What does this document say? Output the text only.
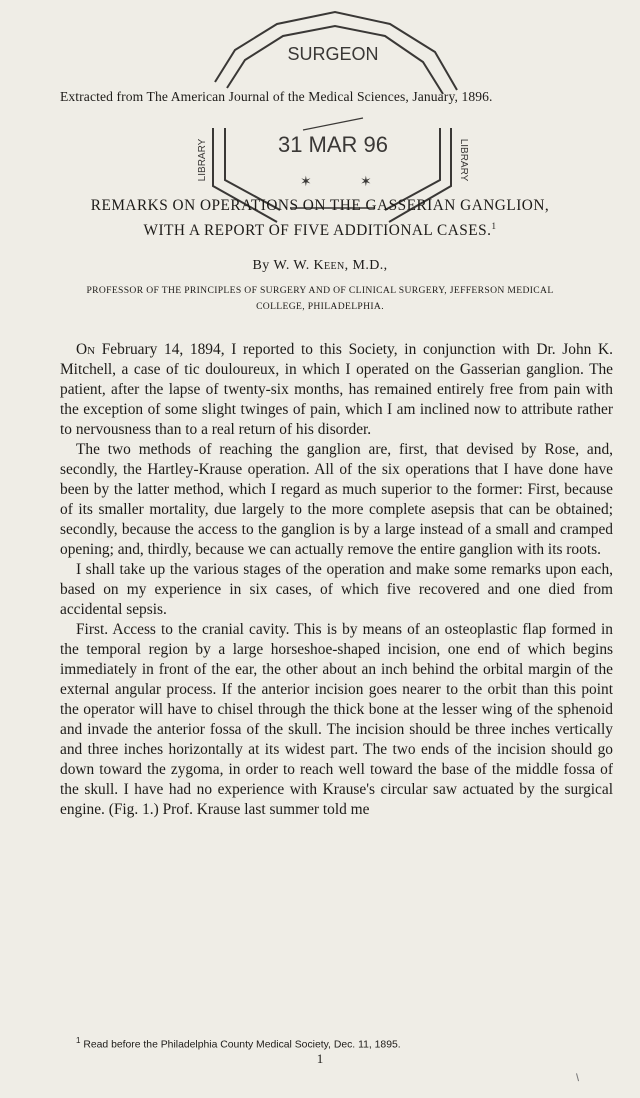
Extracted from The American Journal of the Medical Sciences, January, 1896.
SURGEON
31 MAR 96
LIBRARY	LIBRARY
✶	✶
REMARKS ON OPERATIONS ON THE GASSERIAN GANGLION,
WITH A REPORT OF FIVE ADDITIONAL CASES.$^1$
By W. W. Keen, M.D.,
PROFESSOR OF THE PRINCIPLES OF SURGERY AND OF CLINICAL SURGERY, JEFFERSON MEDICAL
COLLEGE, PHILADELPHIA.

On February 14, 1894, I reported to this Society, in conjunction with Dr. John K. Mitchell, a case of tic douloureux, in which I operated on the Gasserian ganglion. The patient, after the lapse of twenty-six months, has remained entirely free from pain with the exception of some slight twinges of pain, which I am inclined now to attribute rather to nervousness than to a real return of his disorder.

The two methods of reaching the ganglion are, first, that devised by Rose, and, secondly, the Hartley-Krause operation. All of the six operations that I have done have been by the latter method, which I regard as much superior to the former: First, because of its smaller mortality, due largely to the more complete asepsis that can be obtained; secondly, because the access to the ganglion is by a large instead of a small and cramped opening; and, thirdly, because we can actually remove the entire ganglion with its roots.

I shall take up the various stages of the operation and make some remarks upon each, based on my experience in six cases, of which five recovered and one died from accidental sepsis.

First. Access to the cranial cavity. This is by means of an osteoplastic flap formed in the temporal region by a large horseshoe-shaped incision, one end of which begins immediately in front of the ear, the other about an inch behind the orbital margin of the external angular process. If the anterior incision goes nearer to the orbit than this point the operator will have to chisel through the thick bone at the lesser wing of the sphenoid and invade the anterior fossa of the skull. The incision should be three inches vertically and three inches horizontally at its widest part. The two ends of the incision should go down toward the zygoma, in order to reach well toward the base of the middle fossa of the skull. I have had no experience with Krause's circular saw actuated by the surgical engine. (Fig. 1.) Prof. Krause last summer told me

$^1$ Read before the Philadelphia County Medical Society, Dec. 11, 1895.
1
